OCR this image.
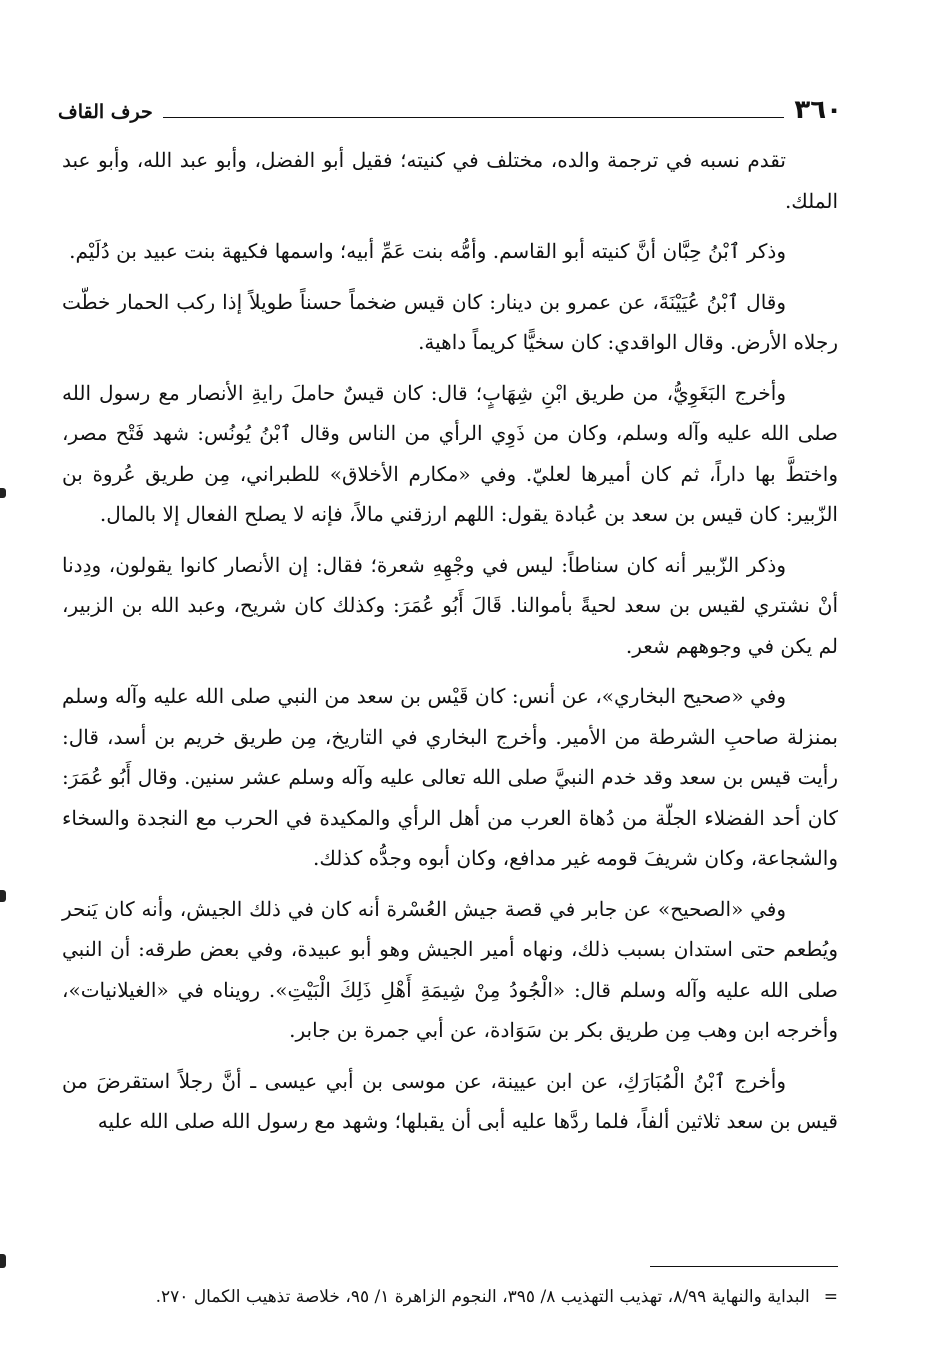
٣٦٠
حرف القاف

تقدم نسبه في ترجمة والده، مختلف في كنيته؛ فقيل أبو الفضل، وأبو عبد الله، وأبو عبد الملك.

وذكر ٱبْنُ حِبَّان أنَّ كنيته أبو القاسم. وأمُّه بنت عَمِّ أبيه؛ واسمها فكيهة بنت عبيد بن دُلَيْم.

وقال ٱبْنُ عُيَيْنَةَ، عن عمرو بن دينار: كان قيس ضخماً حسناً طويلاً إذا ركب الحمار خطّت رجلاه الأرض. وقال الواقدي: كان سخيًّا كريماً داهية.

وأخرج البَغَوِيُّ، من طريق ابْنِ شِهَابٍ؛ قال: كان قيسٌ حاملَ رايةِ الأنصار مع رسول الله صلى الله عليه وآله وسلم، وكان من ذَوِي الرأي من الناس وقال ٱبْنُ يُونُس: شهد فَتْح مصر، واختطَّ بها داراً، ثم كان أميرها لعليّ. وفي «مكارم الأخلاق» للطبراني، مِن طريق عُروة بن الزّبير: كان قيس بن سعد بن عُبادة يقول: اللهم ارزقني مالاً، فإنه لا يصلح الفعال إلا بالمال.

وذكر الزّبير أنه كان سناطاً: ليس في وجْهِهِ شعرة؛ فقال: إن الأنصار كانوا يقولون، ودِدنا أنْ نشتري لقيس بن سعد لحيةً بأموالنا. قَالَ أَبُو عُمَرَ: وكذلك كان شريح، وعبد الله بن الزبير، لم يكن في وجوههم شعر.

وفي «صحيح البخاري»، عن أنس: كان قَيْس بن سعد من النبي صلى الله عليه وآله وسلم بمنزلة صاحبِ الشرطة من الأمير. وأخرج البخاري في التاريخ، مِن طريق خريم بن أسد، قال: رأيت قيس بن سعد وقد خدم النبيَّ صلى الله تعالى عليه وآله وسلم عشر سنين. وقال أَبُو عُمَرَ: كان أحد الفضلاء الجلّة من دُهاة العرب من أهل الرأي والمكيدة في الحرب مع النجدة والسخاء والشجاعة، وكان شريفَ قومه غير مدافع، وكان أبوه وجدُّه كذلك.

وفي «الصحيح» عن جابر في قصة جيش العُسْرة أنه كان في ذلك الجيش، وأنه كان يَنحر ويُطعم حتى استدان بسبب ذلك، ونهاه أمير الجيش وهو أبو عبيدة، وفي بعض طرقه: أن النبي صلى الله عليه وآله وسلم قال: «الْجُودُ مِنْ شِيمَةِ أَهْلِ ذَلِكَ الْبَيْتِ». رويناه في «الغيلانيات»، وأخرجه ابن وهب مِن طريق بكر بن سَوَادة، عن أبي جمرة بن جابر.

وأخرج ٱبْنُ الْمُبَارَكِ، عن ابن عيينة، عن موسى بن أبي عيسى ـ أنَّ رجلاً استقرضَ من قيس بن سعد ثلاثين ألفاً، فلما ردَّها عليه أبى أن يقبلها؛ وشهد مع رسول الله صلى الله عليه

=البداية والنهاية ٨/٩٩، تهذيب التهذيب ٨/ ٣٩٥، النجوم الزاهرة ١/ ٩٥، خلاصة تذهيب الكمال ٢٧٠.
